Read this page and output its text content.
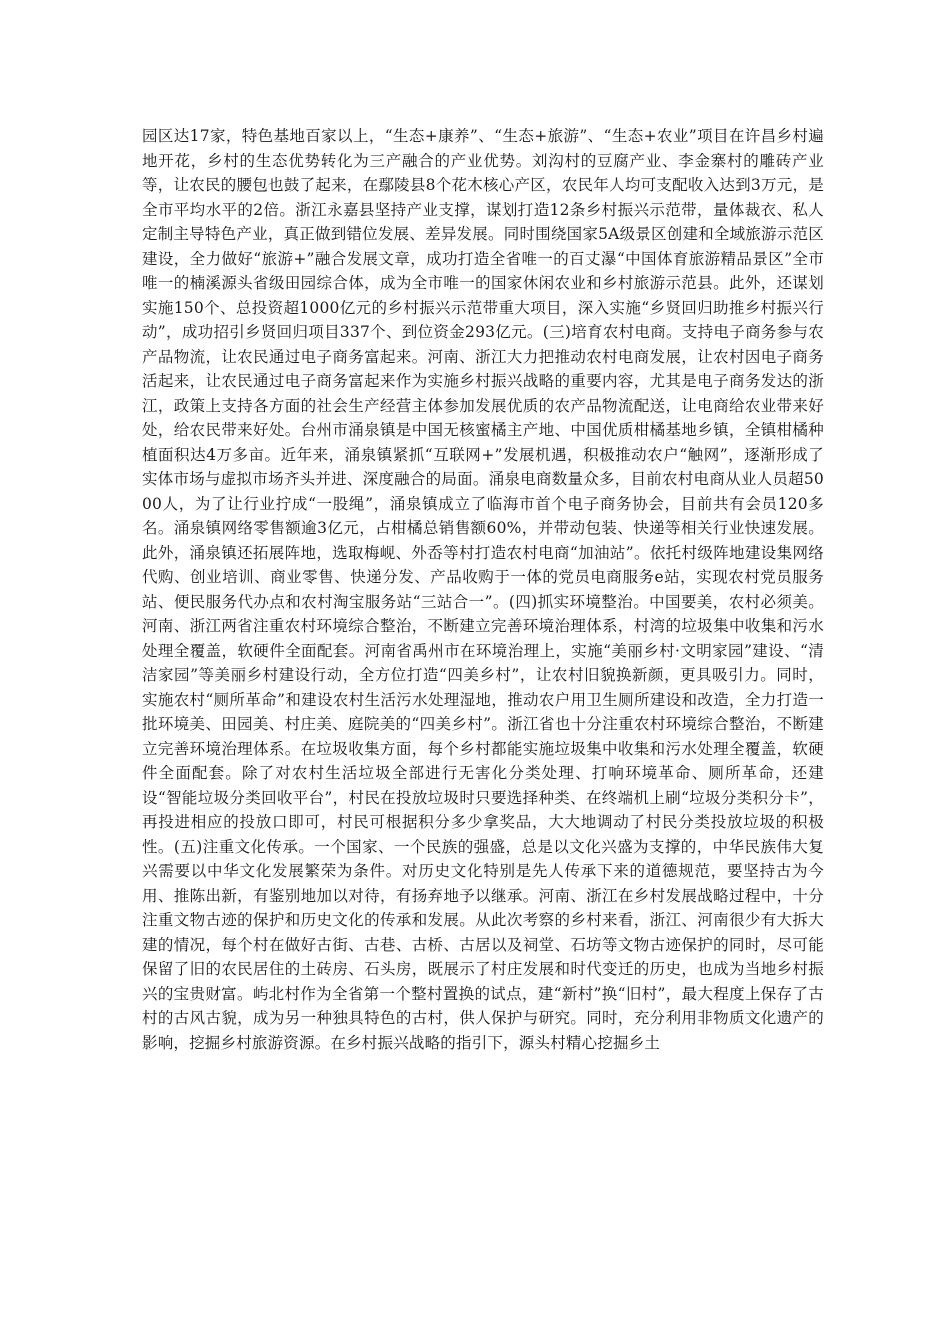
园区达17家，特色基地百家以上，“生态+康养”、“生态+旅游”、“生态+农业”项目在许昌乡村遍地开花，乡村的生态优势转化为三产融合的产业优势。刘沟村的豆腐产业、李金寨村的雕砖产业等，让农民的腰包也鼓了起来，在鄢陵县8个花木核心产区，农民年人均可支配收入达到3万元，是全市平均水平的2倍。浙江永嘉县坚持产业支撑，谋划打造12条乡村振兴示范带，量体裁衣、私人定制主导特色产业，真正做到错位发展、差异发展。同时围绕国家5A级景区创建和全域旅游示范区建设，全力做好“旅游+”融合发展文章，成功打造全省唯一的百丈瀑“中国体育旅游精品景区”全市唯一的楠溪源头省级田园综合体，成为全市唯一的国家休闲农业和乡村旅游示范县。此外，还谋划实施150个、总投资超1000亿元的乡村振兴示范带重大项目，深入实施“乡贤回归助推乡村振兴行动”，成功招引乡贤回归项目337个、到位资金293亿元。(三)培育农村电商。支持电子商务参与农产品物流，让农民通过电子商务富起来。河南、浙江大力把推动农村电商发展，让农村因电子商务活起来，让农民通过电子商务富起来作为实施乡村振兴战略的重要内容，尤其是电子商务发达的浙江，政策上支持各方面的社会生产经营主体参加发展优质的农产品物流配送，让电商给农业带来好处，给农民带来好处。台州市涌泉镇是中国无核蜜橘主产地、中国优质柑橘基地乡镇，全镇柑橘种植面积达4万多亩。近年来，涌泉镇紧抓“互联网+”发展机遇，积极推动农户“触网”，逐渐形成了实体市场与虚拟市场齐头并进、深度融合的局面。涌泉电商数量众多，目前农村电商从业人员超5000人，为了让行业拧成“一股绳”，涌泉镇成立了临海市首个电子商务协会，目前共有会员120多名。涌泉镇网络零售额逾3亿元，占柑橘总销售额60%，并带动包装、快递等相关行业快速发展。此外，涌泉镇还拓展阵地，选取梅岘、外岙等村打造农村电商“加油站”。依托村级阵地建设集网络代购、创业培训、商业零售、快递分发、产品收购于一体的党员电商服务e站，实现农村党员服务站、便民服务代办点和农村淘宝服务站“三站合一”。(四)抓实环境整治。中国要美，农村必须美。河南、浙江两省注重农村环境综合整治，不断建立完善环境治理体系，村湾的垃圾集中收集和污水处理全覆盖，软硬件全面配套。河南省禹州市在环境治理上，实施“美丽乡村·文明家园”建设、“清洁家园”等美丽乡村建设行动，全方位打造“四美乡村”，让农村旧貌换新颜，更具吸引力。同时，实施农村“厕所革命”和建设农村生活污水处理湿地，推动农户用卫生厕所建设和改造，全力打造一批环境美、田园美、村庄美、庭院美的“四美乡村”。浙江省也十分注重农村环境综合整治，不断建立完善环境治理体系。在垃圾收集方面，每个乡村都能实施垃圾集中收集和污水处理全覆盖，软硬件全面配套。除了对农村生活垃圾全部进行无害化分类处理、打响环境革命、厕所革命，还建设“智能垃圾分类回收平台”，村民在投放垃圾时只要选择种类、在终端机上刷“垃圾分类积分卡”，再投进相应的投放口即可，村民可根据积分多少拿奖品，大大地调动了村民分类投放垃圾的积极性。(五)注重文化传承。一个国家、一个民族的强盛，总是以文化兴盛为支撑的，中华民族伟大复兴需要以中华文化发展繁荣为条件。对历史文化特别是先人传承下来的道德规范，要坚持古为今用、推陈出新，有鉴别地加以对待，有扬弃地予以继承。河南、浙江在乡村发展战略过程中，十分注重文物古迹的保护和历史文化的传承和发展。从此次考察的乡村来看，浙江、河南很少有大拆大建的情况，每个村在做好古街、古巷、古桥、古居以及祠堂、石坊等文物古迹保护的同时，尽可能保留了旧的农民居住的土砖房、石头房，既展示了村庄发展和时代变迁的历史，也成为当地乡村振兴的宝贵财富。屿北村作为全省第一个整村置换的试点，建“新村”换“旧村”，最大程度上保存了古村的古风古貌，成为另一种独具特色的古村，供人保护与研究。同时，充分利用非物质文化遗产的影响，挖掘乡村旅游资源。在乡村振兴战略的指引下，源头村精心挖掘乡土
